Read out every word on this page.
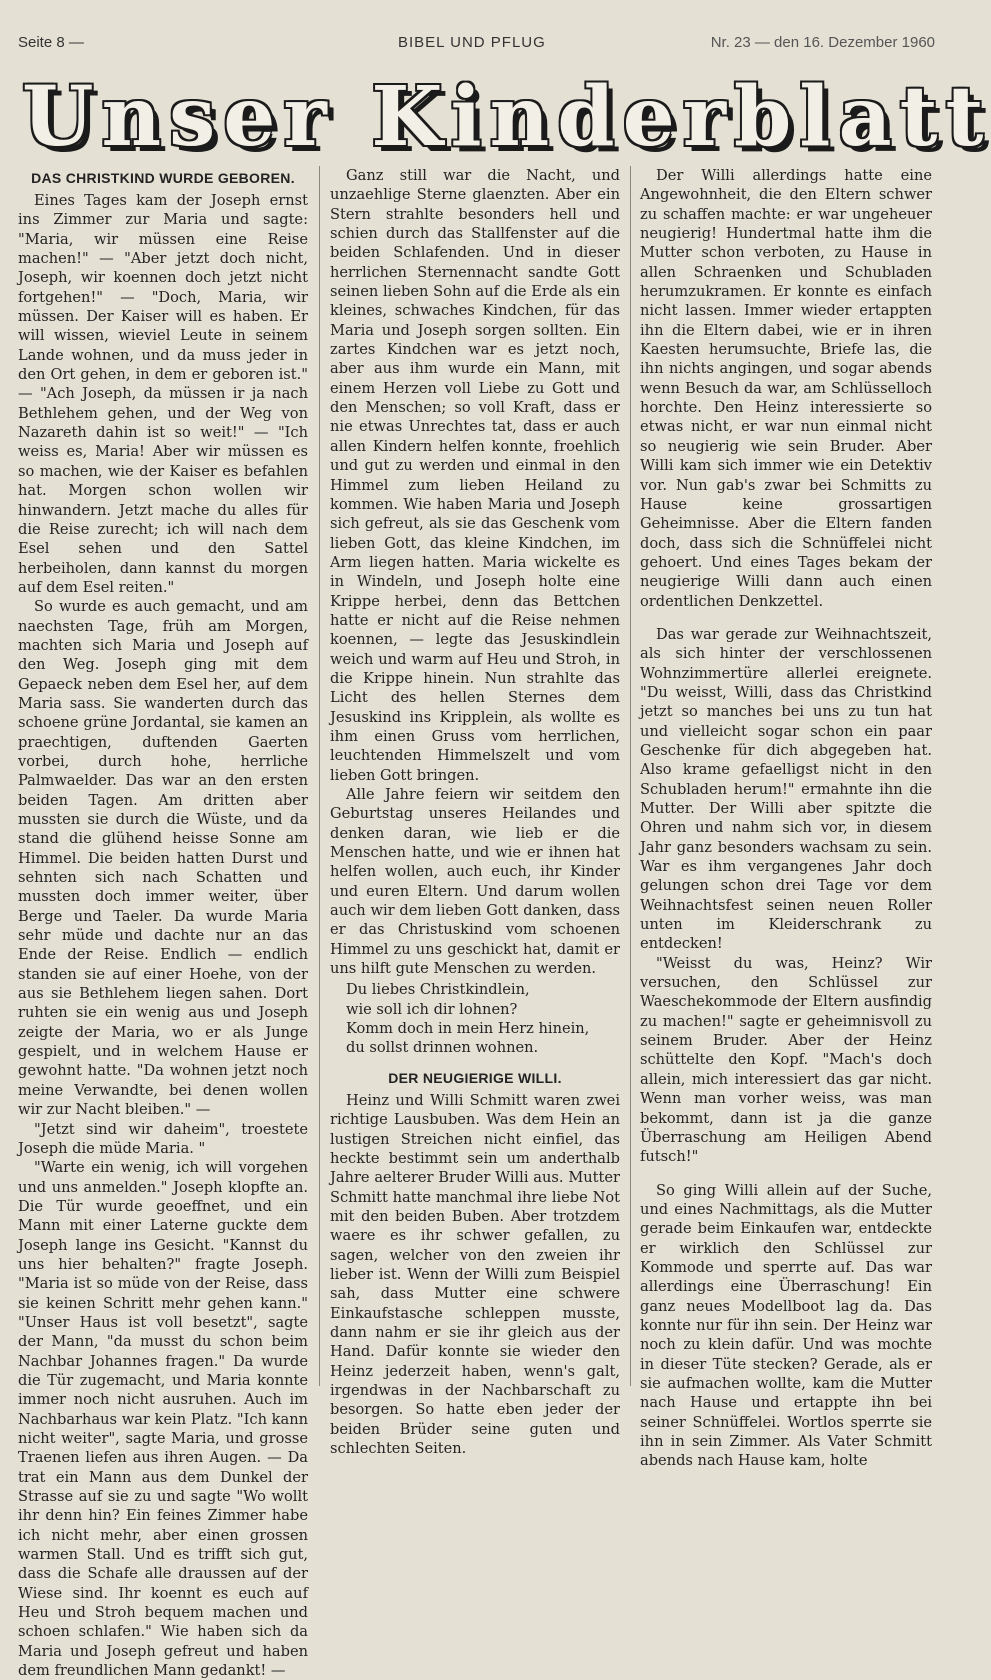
Seite 8 —	BIBEL UND PFLUG	Nr. 23 — den 16. Dezember 1960
Unser Kinderblatt
DAS CHRISTKIND WURDE GEBOREN.

Eines Tages kam der Joseph ernst ins Zimmer zur Maria und sagte: "Maria, wir müssen eine Reise machen!" — "Aber jetzt doch nicht, Joseph, wir koennen doch jetzt nicht fortgehen!" — "Doch, Maria, wir müssen. Der Kaiser will es haben. Er will wissen, wieviel Leute in seinem Lande wohnen, und da muss jeder in den Ort gehen, in dem er geboren ist." — "Ach Joseph, da müssen ir ja nach Bethlehem gehen, und der Weg von Nazareth dahin ist so weit!" — "Ich weiss es, Maria! Aber wir müssen es so machen, wie der Kaiser es befahlen hat. Morgen schon wollen wir hinwandern. Jetzt mache du alles für die Reise zurecht; ich will nach dem Esel sehen und den Sattel herbeiholen, dann kannst du morgen auf dem Esel reiten."

So wurde es auch gemacht, und am naechsten Tage, früh am Morgen, machten sich Maria und Joseph auf den Weg. Joseph ging mit dem Gepaeck neben dem Esel her, auf dem Maria sass. Sie wanderten durch das schoene grüne Jordantal, sie kamen an praechtigen, duftenden Gaerten vorbei, durch hohe, herrliche Palmwaelder. Das war an den ersten beiden Tagen. Am dritten aber mussten sie durch die Wüste, und da stand die glühend heisse Sonne am Himmel. Die beiden hatten Durst und sehnten sich nach Schatten und mussten doch immer weiter, über Berge und Taeler. Da wurde Maria sehr müde und dachte nur an das Ende der Reise. Endlich — endlich standen sie auf einer Hoehe, von der aus sie Bethlehem liegen sahen. Dort ruhten sie ein wenig aus und Joseph zeigte der Maria, wo er als Junge gespielt, und in welchem Hause er gewohnt hatte. "Da wohnen jetzt noch meine Verwandte, bei denen wollen wir zur Nacht bleiben." —

"Jetzt sind wir daheim", troestete Joseph die müde Maria. "

"Warte ein wenig, ich will vorgehen und uns anmelden." Joseph klopfte an. Die Tür wurde geoeffnet, und ein Mann mit einer Laterne guckte dem Joseph lange ins Gesicht. "Kannst du uns hier behalten?" fragte Joseph. "Maria ist so müde von der Reise, dass sie keinen Schritt mehr gehen kann." "Unser Haus ist voll besetzt", sagte der Mann, "da musst du schon beim Nachbar Johannes fragen." Da wurde die Tür zugemacht, und Maria konnte immer noch nicht ausruhen. Auch im Nachbarhaus war kein Platz. "Ich kann nicht weiter", sagte Maria, und grosse Traenen liefen aus ihren Augen. — Da trat ein Mann aus dem Dunkel der Strasse auf sie zu und sagte "Wo wollt ihr denn hin? Ein feines Zimmer habe ich nicht mehr, aber einen grossen warmen Stall. Und es trifft sich gut, dass die Schafe alle draussen auf der Wiese sind. Ihr koennt es euch auf Heu und Stroh bequem machen und schoen schlafen." Wie haben sich da Maria und Joseph gefreut und haben dem freundlichen Mann gedankt! —

Ganz still war die Nacht, und unzaehlige Sterne glaenzten. Aber ein Stern strahlte besonders hell und schien durch das Stallfenster auf die beiden Schlafenden. Und in dieser herrlichen Sternennacht sandte Gott seinen lieben Sohn auf die Erde als ein kleines, schwaches Kindchen, für das Maria und Joseph sorgen sollten. Ein zartes Kindchen war es jetzt noch, aber aus ihm wurde ein Mann, mit einem Herzen voll Liebe zu Gott und den Menschen; so voll Kraft, dass er nie etwas Unrechtes tat, dass er auch allen Kindern helfen konnte, froehlich und gut zu werden und einmal in den Himmel zum lieben Heiland zu kommen. Wie haben Maria und Joseph sich gefreut, als sie das Geschenk vom lieben Gott, das kleine Kindchen, im Arm liegen hatten. Maria wickelte es in Windeln, und Joseph holte eine Krippe herbei, denn das Bettchen hatte er nicht auf die Reise nehmen koennen, — legte das Jesuskindlein weich und warm auf Heu und Stroh, in die Krippe hinein. Nun strahlte das Licht des hellen Sternes dem Jesuskind ins Kripplein, als wollte es ihm einen Gruss vom herrlichen, leuchtenden Himmelszelt und vom lieben Gott bringen.

Alle Jahre feiern wir seitdem den Geburtstag unseres Heilandes und denken daran, wie lieb er die Menschen hatte, und wie er ihnen hat helfen wollen, auch euch, ihr Kinder und euren Eltern. Und darum wollen auch wir dem lieben Gott danken, dass er das Christuskind vom schoenen Himmel zu uns geschickt hat, damit er uns hilft gute Menschen zu werden.

Du liebes Christkindlein,
wie soll ich dir lohnen?
Komm doch in mein Herz hinein,
du sollst drinnen wohnen.
DER NEUGIERIGE WILLI.

Heinz und Willi Schmitt waren zwei richtige Lausbuben. Was dem Hein an lustigen Streichen nicht einfiel, das heckte bestimmt sein um anderthalb Jahre aelterer Bruder Willi aus. Mutter Schmitt hatte manchmal ihre liebe Not mit den beiden Buben. Aber trotzdem waere es ihr schwer gefallen, zu sagen, welcher von den zweien ihr lieber ist. Wenn der Willi zum Beispiel sah, dass Mutter eine schwere Einkaufstasche schleppen musste, dann nahm er sie ihr gleich aus der Hand. Dafür konnte sie wieder den Heinz jederzeit haben, wenn's galt, irgendwas in der Nachbarschaft zu besorgen. So hatte eben jeder der beiden Brüder seine guten und schlechten Seiten.

Der Willi allerdings hatte eine Angewohnheit, die den Eltern schwer zu schaffen machte: er war ungeheuer neugierig! Hundertmal hatte ihm die Mutter schon verboten, zu Hause in allen Schraenken und Schubladen herumzukramen. Er konnte es einfach nicht lassen. Immer wieder ertappten ihn die Eltern dabei, wie er in ihren Kaesten herumsuchte, Briefe las, die ihn nichts angingen, und sogar abends wenn Besuch da war, am Schlüsselloch horchte. Den Heinz interessierte so etwas nicht, er war nun einmal nicht so neugierig wie sein Bruder. Aber Willi kam sich immer wie ein Detektiv vor. Nun gab's zwar bei Schmitts zu Hause keine grossartigen Geheimnisse. Aber die Eltern fanden doch, dass sich die Schnüffelei nicht gehoert. Und eines Tages bekam der neugierige Willi dann auch einen ordentlichen Denkzettel.

Das war gerade zur Weihnachtszeit, als sich hinter der verschlossenen Wohnzimmertüre allerlei ereignete. "Du weisst, Willi, dass das Christkind jetzt so manches bei uns zu tun hat und vielleicht sogar schon ein paar Geschenke für dich abgegeben hat. Also krame gefaelligst nicht in den Schubladen herum!" ermahnte ihn die Mutter. Der Willi aber spitzte die Ohren und nahm sich vor, in diesem Jahr ganz besonders wachsam zu sein. War es ihm vergangenes Jahr doch gelungen schon drei Tage vor dem Weihnachtsfest seinen neuen Roller unten im Kleiderschrank zu entdecken!

"Weisst du was, Heinz? Wir versuchen, den Schlüssel zur Waeschekommode der Eltern ausfindig zu machen!" sagte er geheimnisvoll zu seinem Bruder. Aber der Heinz schüttelte den Kopf. "Mach's doch allein, mich interessiert das gar nicht. Wenn man vorher weiss, was man bekommt, dann ist ja die ganze Überraschung am Heiligen Abend futsch!"

So ging Willi allein auf der Suche, und eines Nachmittags, als die Mutter gerade beim Einkaufen war, entdeckte er wirklich den Schlüssel zur Kommode und sperrte auf. Das war allerdings eine Überraschung! Ein ganz neues Modellboot lag da. Das konnte nur für ihn sein. Der Heinz war noch zu klein dafür. Und was mochte in dieser Tüte stecken? Gerade, als er sie aufmachen wollte, kam die Mutter nach Hause und ertappte ihn bei seiner Schnüffelei. Wortlos sperrte sie ihn in sein Zimmer. Als Vater Schmitt abends nach Hause kam, holte
